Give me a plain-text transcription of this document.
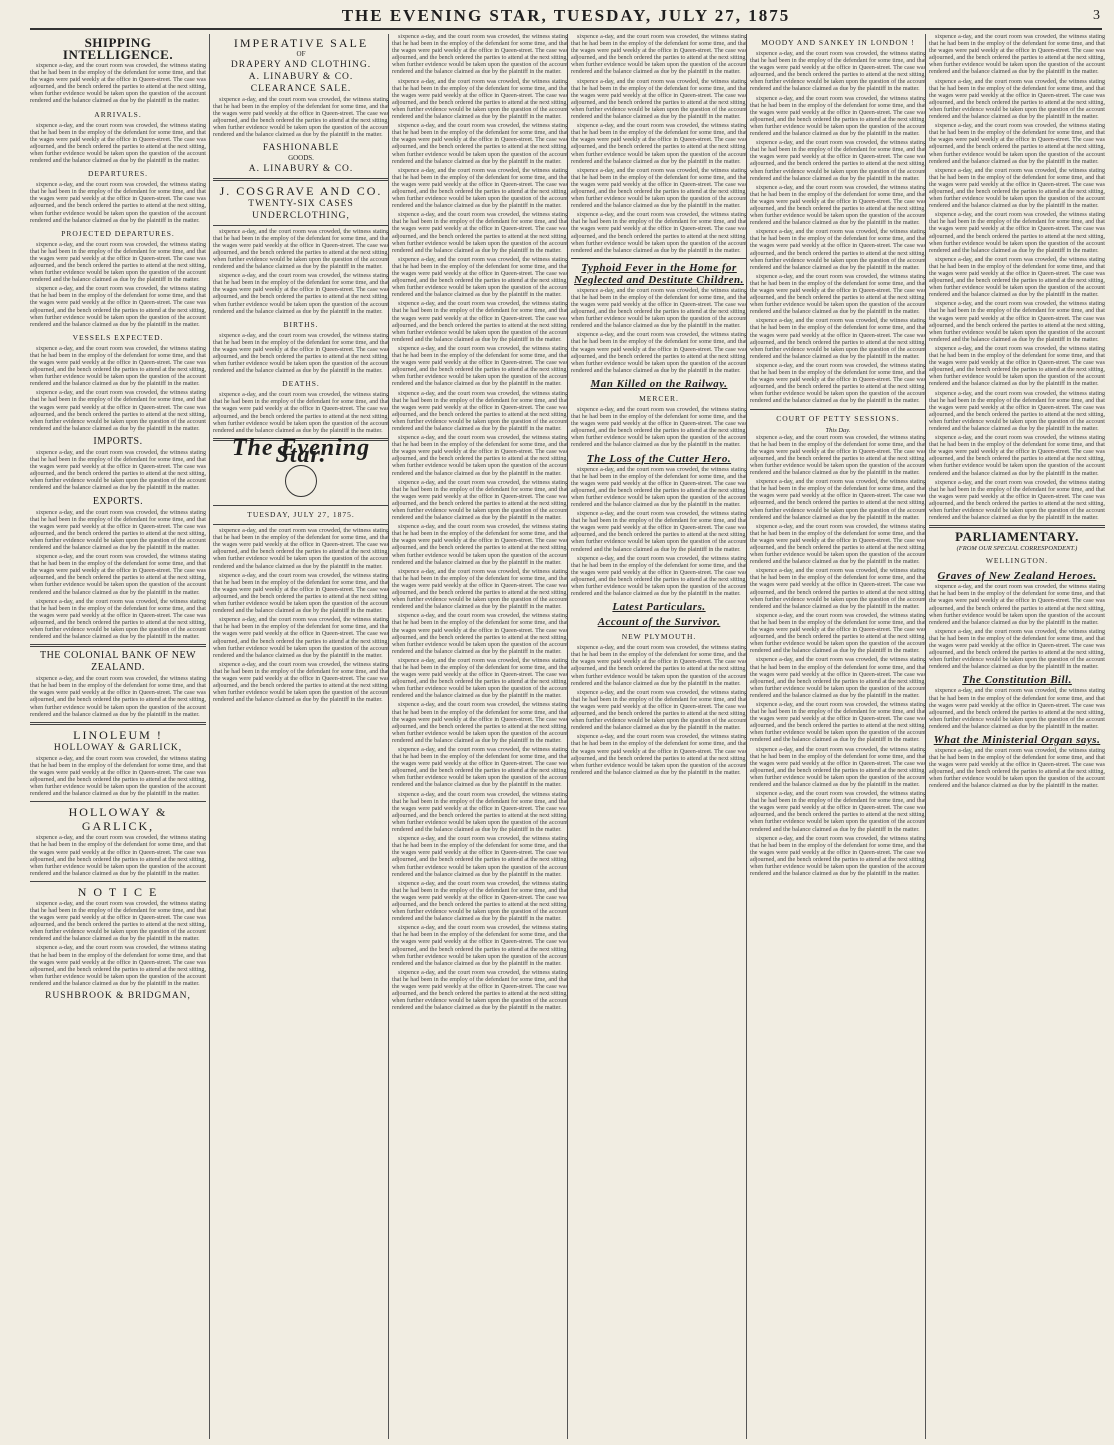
THE EVENING STAR, TUESDAY, JULY 27, 1875	3
SHIPPING INTELLIGENCE.

sixpence a-day, and the court room was crowded, the witness stating that he had been in the employ of the defendant for some time, and that the wages were paid weekly at the office in Queen-street. The case was adjourned, and the bench ordered the parties to attend at the next sitting, when further evidence would be taken upon the question of the account rendered and the balance claimed as due by the plaintiff in the matter.

ARRIVALS.

sixpence a-day, and the court room was crowded, the witness stating that he had been in the employ of the defendant for some time, and that the wages were paid weekly at the office in Queen-street. The case was adjourned, and the bench ordered the parties to attend at the next sitting, when further evidence would be taken upon the question of the account rendered and the balance claimed as due by the plaintiff in the matter.

DEPARTURES.

sixpence a-day, and the court room was crowded, the witness stating that he had been in the employ of the defendant for some time, and that the wages were paid weekly at the office in Queen-street. The case was adjourned, and the bench ordered the parties to attend at the next sitting, when further evidence would be taken upon the question of the account rendered and the balance claimed as due by the plaintiff in the matter.

PROJECTED DEPARTURES.

sixpence a-day, and the court room was crowded, the witness stating that he had been in the employ of the defendant for some time, and that the wages were paid weekly at the office in Queen-street. The case was adjourned, and the bench ordered the parties to attend at the next sitting, when further evidence would be taken upon the question of the account rendered and the balance claimed as due by the plaintiff in the matter.

sixpence a-day, and the court room was crowded, the witness stating that he had been in the employ of the defendant for some time, and that the wages were paid weekly at the office in Queen-street. The case was adjourned, and the bench ordered the parties to attend at the next sitting, when further evidence would be taken upon the question of the account rendered and the balance claimed as due by the plaintiff in the matter.

VESSELS EXPECTED.

sixpence a-day, and the court room was crowded, the witness stating that he had been in the employ of the defendant for some time, and that the wages were paid weekly at the office in Queen-street. The case was adjourned, and the bench ordered the parties to attend at the next sitting, when further evidence would be taken upon the question of the account rendered and the balance claimed as due by the plaintiff in the matter.

sixpence a-day, and the court room was crowded, the witness stating that he had been in the employ of the defendant for some time, and that the wages were paid weekly at the office in Queen-street. The case was adjourned, and the bench ordered the parties to attend at the next sitting, when further evidence would be taken upon the question of the account rendered and the balance claimed as due by the plaintiff in the matter.

IMPORTS.

sixpence a-day, and the court room was crowded, the witness stating that he had been in the employ of the defendant for some time, and that the wages were paid weekly at the office in Queen-street. The case was adjourned, and the bench ordered the parties to attend at the next sitting, when further evidence would be taken upon the question of the account rendered and the balance claimed as due by the plaintiff in the matter.

EXPORTS.

sixpence a-day, and the court room was crowded, the witness stating that he had been in the employ of the defendant for some time, and that the wages were paid weekly at the office in Queen-street. The case was adjourned, and the bench ordered the parties to attend at the next sitting, when further evidence would be taken upon the question of the account rendered and the balance claimed as due by the plaintiff in the matter.

sixpence a-day, and the court room was crowded, the witness stating that he had been in the employ of the defendant for some time, and that the wages were paid weekly at the office in Queen-street. The case was adjourned, and the bench ordered the parties to attend at the next sitting, when further evidence would be taken upon the question of the account rendered and the balance claimed as due by the plaintiff in the matter.

sixpence a-day, and the court room was crowded, the witness stating that he had been in the employ of the defendant for some time, and that the wages were paid weekly at the office in Queen-street. The case was adjourned, and the bench ordered the parties to attend at the next sitting, when further evidence would be taken upon the question of the account rendered and the balance claimed as due by the plaintiff in the matter.

THE COLONIAL BANK OF NEW ZEALAND.

sixpence a-day, and the court room was crowded, the witness stating that he had been in the employ of the defendant for some time, and that the wages were paid weekly at the office in Queen-street. The case was adjourned, and the bench ordered the parties to attend at the next sitting, when further evidence would be taken upon the question of the account rendered and the balance claimed as due by the plaintiff in the matter.

LINOLEUM !
HOLLOWAY & GARLICK,

sixpence a-day, and the court room was crowded, the witness stating that he had been in the employ of the defendant for some time, and that the wages were paid weekly at the office in Queen-street. The case was adjourned, and the bench ordered the parties to attend at the next sitting, when further evidence would be taken upon the question of the account rendered and the balance claimed as due by the plaintiff in the matter.

HOLLOWAY & GARLICK,

sixpence a-day, and the court room was crowded, the witness stating that he had been in the employ of the defendant for some time, and that the wages were paid weekly at the office in Queen-street. The case was adjourned, and the bench ordered the parties to attend at the next sitting, when further evidence would be taken upon the question of the account rendered and the balance claimed as due by the plaintiff in the matter.

N O T I C E

sixpence a-day, and the court room was crowded, the witness stating that he had been in the employ of the defendant for some time, and that the wages were paid weekly at the office in Queen-street. The case was adjourned, and the bench ordered the parties to attend at the next sitting, when further evidence would be taken upon the question of the account rendered and the balance claimed as due by the plaintiff in the matter.

sixpence a-day, and the court room was crowded, the witness stating that he had been in the employ of the defendant for some time, and that the wages were paid weekly at the office in Queen-street. The case was adjourned, and the bench ordered the parties to attend at the next sitting, when further evidence would be taken upon the question of the account rendered and the balance claimed as due by the plaintiff in the matter.

RUSHBROOK & BRIDGMAN,
IMPERATIVE SALE
OF
DRAPERY AND CLOTHING.
A. LINABURY & CO.
CLEARANCE SALE.

sixpence a-day, and the court room was crowded, the witness stating that he had been in the employ of the defendant for some time, and that the wages were paid weekly at the office in Queen-street. The case was adjourned, and the bench ordered the parties to attend at the next sitting, when further evidence would be taken upon the question of the account rendered and the balance claimed as due by the plaintiff in the matter.

FASHIONABLE
GOODS.
A. LINABURY & CO.
J. COSGRAVE AND CO.
TWENTY-SIX CASES
UNDERCLOTHING,

sixpence a-day, and the court room was crowded, the witness stating that he had been in the employ of the defendant for some time, and that the wages were paid weekly at the office in Queen-street. The case was adjourned, and the bench ordered the parties to attend at the next sitting, when further evidence would be taken upon the question of the account rendered and the balance claimed as due by the plaintiff in the matter.

sixpence a-day, and the court room was crowded, the witness stating that he had been in the employ of the defendant for some time, and that the wages were paid weekly at the office in Queen-street. The case was adjourned, and the bench ordered the parties to attend at the next sitting, when further evidence would be taken upon the question of the account rendered and the balance claimed as due by the plaintiff in the matter.

BIRTHS.

sixpence a-day, and the court room was crowded, the witness stating that he had been in the employ of the defendant for some time, and that the wages were paid weekly at the office in Queen-street. The case was adjourned, and the bench ordered the parties to attend at the next sitting, when further evidence would be taken upon the question of the account rendered and the balance claimed as due by the plaintiff in the matter.

DEATHS.

sixpence a-day, and the court room was crowded, the witness stating that he had been in the employ of the defendant for some time, and that the wages were paid weekly at the office in Queen-street. The case was adjourned, and the bench ordered the parties to attend at the next sitting, when further evidence would be taken upon the question of the account rendered and the balance claimed as due by the plaintiff in the matter.

The Evening Star.
TUESDAY, JULY 27, 1875.

sixpence a-day, and the court room was crowded, the witness stating that he had been in the employ of the defendant for some time, and that the wages were paid weekly at the office in Queen-street. The case was adjourned, and the bench ordered the parties to attend at the next sitting, when further evidence would be taken upon the question of the account rendered and the balance claimed as due by the plaintiff in the matter.

sixpence a-day, and the court room was crowded, the witness stating that he had been in the employ of the defendant for some time, and that the wages were paid weekly at the office in Queen-street. The case was adjourned, and the bench ordered the parties to attend at the next sitting, when further evidence would be taken upon the question of the account rendered and the balance claimed as due by the plaintiff in the matter.

sixpence a-day, and the court room was crowded, the witness stating that he had been in the employ of the defendant for some time, and that the wages were paid weekly at the office in Queen-street. The case was adjourned, and the bench ordered the parties to attend at the next sitting, when further evidence would be taken upon the question of the account rendered and the balance claimed as due by the plaintiff in the matter.

sixpence a-day, and the court room was crowded, the witness stating that he had been in the employ of the defendant for some time, and that the wages were paid weekly at the office in Queen-street. The case was adjourned, and the bench ordered the parties to attend at the next sitting, when further evidence would be taken upon the question of the account rendered and the balance claimed as due by the plaintiff in the matter.

sixpence a-day, and the court room was crowded, the witness stating that he had been in the employ of the defendant for some time, and that the wages were paid weekly at the office in Queen-street. The case was adjourned, and the bench ordered the parties to attend at the next sitting, when further evidence would be taken upon the question of the account rendered and the balance claimed as due by the plaintiff in the matter.

sixpence a-day, and the court room was crowded, the witness stating that he had been in the employ of the defendant for some time, and that the wages were paid weekly at the office in Queen-street. The case was adjourned, and the bench ordered the parties to attend at the next sitting, when further evidence would be taken upon the question of the account rendered and the balance claimed as due by the plaintiff in the matter.

sixpence a-day, and the court room was crowded, the witness stating that he had been in the employ of the defendant for some time, and that the wages were paid weekly at the office in Queen-street. The case was adjourned, and the bench ordered the parties to attend at the next sitting, when further evidence would be taken upon the question of the account rendered and the balance claimed as due by the plaintiff in the matter.

sixpence a-day, and the court room was crowded, the witness stating that he had been in the employ of the defendant for some time, and that the wages were paid weekly at the office in Queen-street. The case was adjourned, and the bench ordered the parties to attend at the next sitting, when further evidence would be taken upon the question of the account rendered and the balance claimed as due by the plaintiff in the matter.

sixpence a-day, and the court room was crowded, the witness stating that he had been in the employ of the defendant for some time, and that the wages were paid weekly at the office in Queen-street. The case was adjourned, and the bench ordered the parties to attend at the next sitting, when further evidence would be taken upon the question of the account rendered and the balance claimed as due by the plaintiff in the matter.

sixpence a-day, and the court room was crowded, the witness stating that he had been in the employ of the defendant for some time, and that the wages were paid weekly at the office in Queen-street. The case was adjourned, and the bench ordered the parties to attend at the next sitting, when further evidence would be taken upon the question of the account rendered and the balance claimed as due by the plaintiff in the matter.

sixpence a-day, and the court room was crowded, the witness stating that he had been in the employ of the defendant for some time, and that the wages were paid weekly at the office in Queen-street. The case was adjourned, and the bench ordered the parties to attend at the next sitting, when further evidence would be taken upon the question of the account rendered and the balance claimed as due by the plaintiff in the matter.

sixpence a-day, and the court room was crowded, the witness stating that he had been in the employ of the defendant for some time, and that the wages were paid weekly at the office in Queen-street. The case was adjourned, and the bench ordered the parties to attend at the next sitting, when further evidence would be taken upon the question of the account rendered and the balance claimed as due by the plaintiff in the matter.

sixpence a-day, and the court room was crowded, the witness stating that he had been in the employ of the defendant for some time, and that the wages were paid weekly at the office in Queen-street. The case was adjourned, and the bench ordered the parties to attend at the next sitting, when further evidence would be taken upon the question of the account rendered and the balance claimed as due by the plaintiff in the matter.

sixpence a-day, and the court room was crowded, the witness stating that he had been in the employ of the defendant for some time, and that the wages were paid weekly at the office in Queen-street. The case was adjourned, and the bench ordered the parties to attend at the next sitting, when further evidence would be taken upon the question of the account rendered and the balance claimed as due by the plaintiff in the matter.

sixpence a-day, and the court room was crowded, the witness stating that he had been in the employ of the defendant for some time, and that the wages were paid weekly at the office in Queen-street. The case was adjourned, and the bench ordered the parties to attend at the next sitting, when further evidence would be taken upon the question of the account rendered and the balance claimed as due by the plaintiff in the matter.

sixpence a-day, and the court room was crowded, the witness stating that he had been in the employ of the defendant for some time, and that the wages were paid weekly at the office in Queen-street. The case was adjourned, and the bench ordered the parties to attend at the next sitting, when further evidence would be taken upon the question of the account rendered and the balance claimed as due by the plaintiff in the matter.

sixpence a-day, and the court room was crowded, the witness stating that he had been in the employ of the defendant for some time, and that the wages were paid weekly at the office in Queen-street. The case was adjourned, and the bench ordered the parties to attend at the next sitting, when further evidence would be taken upon the question of the account rendered and the balance claimed as due by the plaintiff in the matter.

sixpence a-day, and the court room was crowded, the witness stating that he had been in the employ of the defendant for some time, and that the wages were paid weekly at the office in Queen-street. The case was adjourned, and the bench ordered the parties to attend at the next sitting, when further evidence would be taken upon the question of the account rendered and the balance claimed as due by the plaintiff in the matter.

sixpence a-day, and the court room was crowded, the witness stating that he had been in the employ of the defendant for some time, and that the wages were paid weekly at the office in Queen-street. The case was adjourned, and the bench ordered the parties to attend at the next sitting, when further evidence would be taken upon the question of the account rendered and the balance claimed as due by the plaintiff in the matter.

sixpence a-day, and the court room was crowded, the witness stating that he had been in the employ of the defendant for some time, and that the wages were paid weekly at the office in Queen-street. The case was adjourned, and the bench ordered the parties to attend at the next sitting, when further evidence would be taken upon the question of the account rendered and the balance claimed as due by the plaintiff in the matter.

sixpence a-day, and the court room was crowded, the witness stating that he had been in the employ of the defendant for some time, and that the wages were paid weekly at the office in Queen-street. The case was adjourned, and the bench ordered the parties to attend at the next sitting, when further evidence would be taken upon the question of the account rendered and the balance claimed as due by the plaintiff in the matter.

sixpence a-day, and the court room was crowded, the witness stating that he had been in the employ of the defendant for some time, and that the wages were paid weekly at the office in Queen-street. The case was adjourned, and the bench ordered the parties to attend at the next sitting, when further evidence would be taken upon the question of the account rendered and the balance claimed as due by the plaintiff in the matter.

sixpence a-day, and the court room was crowded, the witness stating that he had been in the employ of the defendant for some time, and that the wages were paid weekly at the office in Queen-street. The case was adjourned, and the bench ordered the parties to attend at the next sitting, when further evidence would be taken upon the question of the account rendered and the balance claimed as due by the plaintiff in the matter.

sixpence a-day, and the court room was crowded, the witness stating that he had been in the employ of the defendant for some time, and that the wages were paid weekly at the office in Queen-street. The case was adjourned, and the bench ordered the parties to attend at the next sitting, when further evidence would be taken upon the question of the account rendered and the balance claimed as due by the plaintiff in the matter.

sixpence a-day, and the court room was crowded, the witness stating that he had been in the employ of the defendant for some time, and that the wages were paid weekly at the office in Queen-street. The case was adjourned, and the bench ordered the parties to attend at the next sitting, when further evidence would be taken upon the question of the account rendered and the balance claimed as due by the plaintiff in the matter.

sixpence a-day, and the court room was crowded, the witness stating that he had been in the employ of the defendant for some time, and that the wages were paid weekly at the office in Queen-street. The case was adjourned, and the bench ordered the parties to attend at the next sitting, when further evidence would be taken upon the question of the account rendered and the balance claimed as due by the plaintiff in the matter.

sixpence a-day, and the court room was crowded, the witness stating that he had been in the employ of the defendant for some time, and that the wages were paid weekly at the office in Queen-street. The case was adjourned, and the bench ordered the parties to attend at the next sitting, when further evidence would be taken upon the question of the account rendered and the balance claimed as due by the plaintiff in the matter.

sixpence a-day, and the court room was crowded, the witness stating that he had been in the employ of the defendant for some time, and that the wages were paid weekly at the office in Queen-street. The case was adjourned, and the bench ordered the parties to attend at the next sitting, when further evidence would be taken upon the question of the account rendered and the balance claimed as due by the plaintiff in the matter.

sixpence a-day, and the court room was crowded, the witness stating that he had been in the employ of the defendant for some time, and that the wages were paid weekly at the office in Queen-street. The case was adjourned, and the bench ordered the parties to attend at the next sitting, when further evidence would be taken upon the question of the account rendered and the balance claimed as due by the plaintiff in the matter.

sixpence a-day, and the court room was crowded, the witness stating that he had been in the employ of the defendant for some time, and that the wages were paid weekly at the office in Queen-street. The case was adjourned, and the bench ordered the parties to attend at the next sitting, when further evidence would be taken upon the question of the account rendered and the balance claimed as due by the plaintiff in the matter.

sixpence a-day, and the court room was crowded, the witness stating that he had been in the employ of the defendant for some time, and that the wages were paid weekly at the office in Queen-street. The case was adjourned, and the bench ordered the parties to attend at the next sitting, when further evidence would be taken upon the question of the account rendered and the balance claimed as due by the plaintiff in the matter.

Typhoid Fever in the Home for Neglected and Destitute Children.

sixpence a-day, and the court room was crowded, the witness stating that he had been in the employ of the defendant for some time, and that the wages were paid weekly at the office in Queen-street. The case was adjourned, and the bench ordered the parties to attend at the next sitting, when further evidence would be taken upon the question of the account rendered and the balance claimed as due by the plaintiff in the matter.

sixpence a-day, and the court room was crowded, the witness stating that he had been in the employ of the defendant for some time, and that the wages were paid weekly at the office in Queen-street. The case was adjourned, and the bench ordered the parties to attend at the next sitting, when further evidence would be taken upon the question of the account rendered and the balance claimed as due by the plaintiff in the matter.

Man Killed on the Railway.
MERCER.

sixpence a-day, and the court room was crowded, the witness stating that he had been in the employ of the defendant for some time, and that the wages were paid weekly at the office in Queen-street. The case was adjourned, and the bench ordered the parties to attend at the next sitting, when further evidence would be taken upon the question of the account rendered and the balance claimed as due by the plaintiff in the matter.

The Loss of the Cutter Hero.

sixpence a-day, and the court room was crowded, the witness stating that he had been in the employ of the defendant for some time, and that the wages were paid weekly at the office in Queen-street. The case was adjourned, and the bench ordered the parties to attend at the next sitting, when further evidence would be taken upon the question of the account rendered and the balance claimed as due by the plaintiff in the matter.

sixpence a-day, and the court room was crowded, the witness stating that he had been in the employ of the defendant for some time, and that the wages were paid weekly at the office in Queen-street. The case was adjourned, and the bench ordered the parties to attend at the next sitting, when further evidence would be taken upon the question of the account rendered and the balance claimed as due by the plaintiff in the matter.

sixpence a-day, and the court room was crowded, the witness stating that he had been in the employ of the defendant for some time, and that the wages were paid weekly at the office in Queen-street. The case was adjourned, and the bench ordered the parties to attend at the next sitting, when further evidence would be taken upon the question of the account rendered and the balance claimed as due by the plaintiff in the matter.

Latest Particulars.
Account of the Survivor.
NEW PLYMOUTH.

sixpence a-day, and the court room was crowded, the witness stating that he had been in the employ of the defendant for some time, and that the wages were paid weekly at the office in Queen-street. The case was adjourned, and the bench ordered the parties to attend at the next sitting, when further evidence would be taken upon the question of the account rendered and the balance claimed as due by the plaintiff in the matter.

sixpence a-day, and the court room was crowded, the witness stating that he had been in the employ of the defendant for some time, and that the wages were paid weekly at the office in Queen-street. The case was adjourned, and the bench ordered the parties to attend at the next sitting, when further evidence would be taken upon the question of the account rendered and the balance claimed as due by the plaintiff in the matter.

sixpence a-day, and the court room was crowded, the witness stating that he had been in the employ of the defendant for some time, and that the wages were paid weekly at the office in Queen-street. The case was adjourned, and the bench ordered the parties to attend at the next sitting, when further evidence would be taken upon the question of the account rendered and the balance claimed as due by the plaintiff in the matter.

MOODY AND SANKEY IN LONDON !

sixpence a-day, and the court room was crowded, the witness stating that he had been in the employ of the defendant for some time, and that the wages were paid weekly at the office in Queen-street. The case was adjourned, and the bench ordered the parties to attend at the next sitting, when further evidence would be taken upon the question of the account rendered and the balance claimed as due by the plaintiff in the matter.

sixpence a-day, and the court room was crowded, the witness stating that he had been in the employ of the defendant for some time, and that the wages were paid weekly at the office in Queen-street. The case was adjourned, and the bench ordered the parties to attend at the next sitting, when further evidence would be taken upon the question of the account rendered and the balance claimed as due by the plaintiff in the matter.

sixpence a-day, and the court room was crowded, the witness stating that he had been in the employ of the defendant for some time, and that the wages were paid weekly at the office in Queen-street. The case was adjourned, and the bench ordered the parties to attend at the next sitting, when further evidence would be taken upon the question of the account rendered and the balance claimed as due by the plaintiff in the matter.

sixpence a-day, and the court room was crowded, the witness stating that he had been in the employ of the defendant for some time, and that the wages were paid weekly at the office in Queen-street. The case was adjourned, and the bench ordered the parties to attend at the next sitting, when further evidence would be taken upon the question of the account rendered and the balance claimed as due by the plaintiff in the matter.

sixpence a-day, and the court room was crowded, the witness stating that he had been in the employ of the defendant for some time, and that the wages were paid weekly at the office in Queen-street. The case was adjourned, and the bench ordered the parties to attend at the next sitting, when further evidence would be taken upon the question of the account rendered and the balance claimed as due by the plaintiff in the matter.

sixpence a-day, and the court room was crowded, the witness stating that he had been in the employ of the defendant for some time, and that the wages were paid weekly at the office in Queen-street. The case was adjourned, and the bench ordered the parties to attend at the next sitting, when further evidence would be taken upon the question of the account rendered and the balance claimed as due by the plaintiff in the matter.

sixpence a-day, and the court room was crowded, the witness stating that he had been in the employ of the defendant for some time, and that the wages were paid weekly at the office in Queen-street. The case was adjourned, and the bench ordered the parties to attend at the next sitting, when further evidence would be taken upon the question of the account rendered and the balance claimed as due by the plaintiff in the matter.

sixpence a-day, and the court room was crowded, the witness stating that he had been in the employ of the defendant for some time, and that the wages were paid weekly at the office in Queen-street. The case was adjourned, and the bench ordered the parties to attend at the next sitting, when further evidence would be taken upon the question of the account rendered and the balance claimed as due by the plaintiff in the matter.

COURT OF PETTY SESSIONS.
This Day.

sixpence a-day, and the court room was crowded, the witness stating that he had been in the employ of the defendant for some time, and that the wages were paid weekly at the office in Queen-street. The case was adjourned, and the bench ordered the parties to attend at the next sitting, when further evidence would be taken upon the question of the account rendered and the balance claimed as due by the plaintiff in the matter.

sixpence a-day, and the court room was crowded, the witness stating that he had been in the employ of the defendant for some time, and that the wages were paid weekly at the office in Queen-street. The case was adjourned, and the bench ordered the parties to attend at the next sitting, when further evidence would be taken upon the question of the account rendered and the balance claimed as due by the plaintiff in the matter.

sixpence a-day, and the court room was crowded, the witness stating that he had been in the employ of the defendant for some time, and that the wages were paid weekly at the office in Queen-street. The case was adjourned, and the bench ordered the parties to attend at the next sitting, when further evidence would be taken upon the question of the account rendered and the balance claimed as due by the plaintiff in the matter.

sixpence a-day, and the court room was crowded, the witness stating that he had been in the employ of the defendant for some time, and that the wages were paid weekly at the office in Queen-street. The case was adjourned, and the bench ordered the parties to attend at the next sitting, when further evidence would be taken upon the question of the account rendered and the balance claimed as due by the plaintiff in the matter.

sixpence a-day, and the court room was crowded, the witness stating that he had been in the employ of the defendant for some time, and that the wages were paid weekly at the office in Queen-street. The case was adjourned, and the bench ordered the parties to attend at the next sitting, when further evidence would be taken upon the question of the account rendered and the balance claimed as due by the plaintiff in the matter.

sixpence a-day, and the court room was crowded, the witness stating that he had been in the employ of the defendant for some time, and that the wages were paid weekly at the office in Queen-street. The case was adjourned, and the bench ordered the parties to attend at the next sitting, when further evidence would be taken upon the question of the account rendered and the balance claimed as due by the plaintiff in the matter.

sixpence a-day, and the court room was crowded, the witness stating that he had been in the employ of the defendant for some time, and that the wages were paid weekly at the office in Queen-street. The case was adjourned, and the bench ordered the parties to attend at the next sitting, when further evidence would be taken upon the question of the account rendered and the balance claimed as due by the plaintiff in the matter.

sixpence a-day, and the court room was crowded, the witness stating that he had been in the employ of the defendant for some time, and that the wages were paid weekly at the office in Queen-street. The case was adjourned, and the bench ordered the parties to attend at the next sitting, when further evidence would be taken upon the question of the account rendered and the balance claimed as due by the plaintiff in the matter.

sixpence a-day, and the court room was crowded, the witness stating that he had been in the employ of the defendant for some time, and that the wages were paid weekly at the office in Queen-street. The case was adjourned, and the bench ordered the parties to attend at the next sitting, when further evidence would be taken upon the question of the account rendered and the balance claimed as due by the plaintiff in the matter.

sixpence a-day, and the court room was crowded, the witness stating that he had been in the employ of the defendant for some time, and that the wages were paid weekly at the office in Queen-street. The case was adjourned, and the bench ordered the parties to attend at the next sitting, when further evidence would be taken upon the question of the account rendered and the balance claimed as due by the plaintiff in the matter.

sixpence a-day, and the court room was crowded, the witness stating that he had been in the employ of the defendant for some time, and that the wages were paid weekly at the office in Queen-street. The case was adjourned, and the bench ordered the parties to attend at the next sitting, when further evidence would be taken upon the question of the account rendered and the balance claimed as due by the plaintiff in the matter.

sixpence a-day, and the court room was crowded, the witness stating that he had been in the employ of the defendant for some time, and that the wages were paid weekly at the office in Queen-street. The case was adjourned, and the bench ordered the parties to attend at the next sitting, when further evidence would be taken upon the question of the account rendered and the balance claimed as due by the plaintiff in the matter.

sixpence a-day, and the court room was crowded, the witness stating that he had been in the employ of the defendant for some time, and that the wages were paid weekly at the office in Queen-street. The case was adjourned, and the bench ordered the parties to attend at the next sitting, when further evidence would be taken upon the question of the account rendered and the balance claimed as due by the plaintiff in the matter.

sixpence a-day, and the court room was crowded, the witness stating that he had been in the employ of the defendant for some time, and that the wages were paid weekly at the office in Queen-street. The case was adjourned, and the bench ordered the parties to attend at the next sitting, when further evidence would be taken upon the question of the account rendered and the balance claimed as due by the plaintiff in the matter.

sixpence a-day, and the court room was crowded, the witness stating that he had been in the employ of the defendant for some time, and that the wages were paid weekly at the office in Queen-street. The case was adjourned, and the bench ordered the parties to attend at the next sitting, when further evidence would be taken upon the question of the account rendered and the balance claimed as due by the plaintiff in the matter.

sixpence a-day, and the court room was crowded, the witness stating that he had been in the employ of the defendant for some time, and that the wages were paid weekly at the office in Queen-street. The case was adjourned, and the bench ordered the parties to attend at the next sitting, when further evidence would be taken upon the question of the account rendered and the balance claimed as due by the plaintiff in the matter.

sixpence a-day, and the court room was crowded, the witness stating that he had been in the employ of the defendant for some time, and that the wages were paid weekly at the office in Queen-street. The case was adjourned, and the bench ordered the parties to attend at the next sitting, when further evidence would be taken upon the question of the account rendered and the balance claimed as due by the plaintiff in the matter.

sixpence a-day, and the court room was crowded, the witness stating that he had been in the employ of the defendant for some time, and that the wages were paid weekly at the office in Queen-street. The case was adjourned, and the bench ordered the parties to attend at the next sitting, when further evidence would be taken upon the question of the account rendered and the balance claimed as due by the plaintiff in the matter.

sixpence a-day, and the court room was crowded, the witness stating that he had been in the employ of the defendant for some time, and that the wages were paid weekly at the office in Queen-street. The case was adjourned, and the bench ordered the parties to attend at the next sitting, when further evidence would be taken upon the question of the account rendered and the balance claimed as due by the plaintiff in the matter.

sixpence a-day, and the court room was crowded, the witness stating that he had been in the employ of the defendant for some time, and that the wages were paid weekly at the office in Queen-street. The case was adjourned, and the bench ordered the parties to attend at the next sitting, when further evidence would be taken upon the question of the account rendered and the balance claimed as due by the plaintiff in the matter.

sixpence a-day, and the court room was crowded, the witness stating that he had been in the employ of the defendant for some time, and that the wages were paid weekly at the office in Queen-street. The case was adjourned, and the bench ordered the parties to attend at the next sitting, when further evidence would be taken upon the question of the account rendered and the balance claimed as due by the plaintiff in the matter.

PARLIAMENTARY.
(FROM OUR SPECIAL CORRESPONDENT.)
WELLINGTON.
Graves of New Zealand Heroes.

sixpence a-day, and the court room was crowded, the witness stating that he had been in the employ of the defendant for some time, and that the wages were paid weekly at the office in Queen-street. The case was adjourned, and the bench ordered the parties to attend at the next sitting, when further evidence would be taken upon the question of the account rendered and the balance claimed as due by the plaintiff in the matter.

sixpence a-day, and the court room was crowded, the witness stating that he had been in the employ of the defendant for some time, and that the wages were paid weekly at the office in Queen-street. The case was adjourned, and the bench ordered the parties to attend at the next sitting, when further evidence would be taken upon the question of the account rendered and the balance claimed as due by the plaintiff in the matter.

The Constitution Bill.

sixpence a-day, and the court room was crowded, the witness stating that he had been in the employ of the defendant for some time, and that the wages were paid weekly at the office in Queen-street. The case was adjourned, and the bench ordered the parties to attend at the next sitting, when further evidence would be taken upon the question of the account rendered and the balance claimed as due by the plaintiff in the matter.

What the Ministerial Organ says.

sixpence a-day, and the court room was crowded, the witness stating that he had been in the employ of the defendant for some time, and that the wages were paid weekly at the office in Queen-street. The case was adjourned, and the bench ordered the parties to attend at the next sitting, when further evidence would be taken upon the question of the account rendered and the balance claimed as due by the plaintiff in the matter.
